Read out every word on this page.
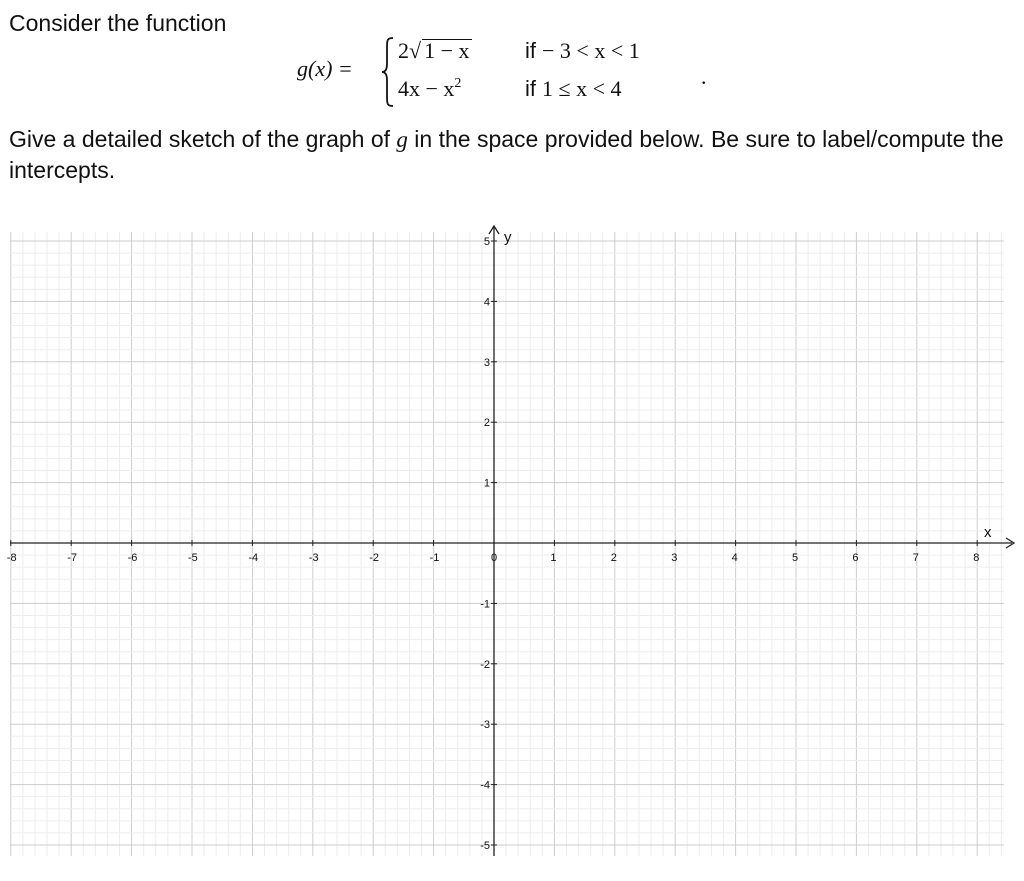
Consider the function
g(x) =
2√ 1 − x	if − 3 < x < 1
$4x - x^2$	if 1 ≤ x < 4	.
Give a detailed sketch of the graph of g in the space provided below. Be sure to label/compute the intercepts.
-8	-7	-6	-5	-4	-3	-2	-1	0	1	2	3	4	5	6	7	8
5
4
3
2
1
-1
-2
-3
-4
-5
x
y
